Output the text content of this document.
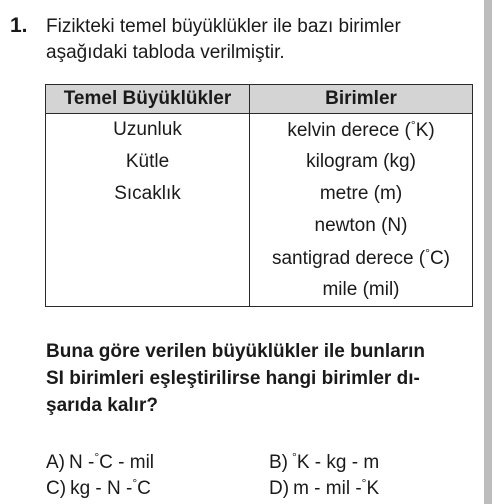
1. Fizikteki temel büyüklükler ile bazı birimler
aşağıdaki tabloda verilmiştir.
Temel Büyüklükler	Birimler
Uzunluk	kelvin derece (°K)
Kütle	kilogram (kg)
Sıcaklık	metre (m)
	newton (N)
	santigrad derece (°C)
	mile (mil)
Buna göre verilen büyüklükler ile bunların
SI birimleri eşleştirilirse hangi birimler dı-
şarıda kalır?
A) N -°C - mil	B) °K - kg - m
C) kg - N -°C	D) m - mil -°K
